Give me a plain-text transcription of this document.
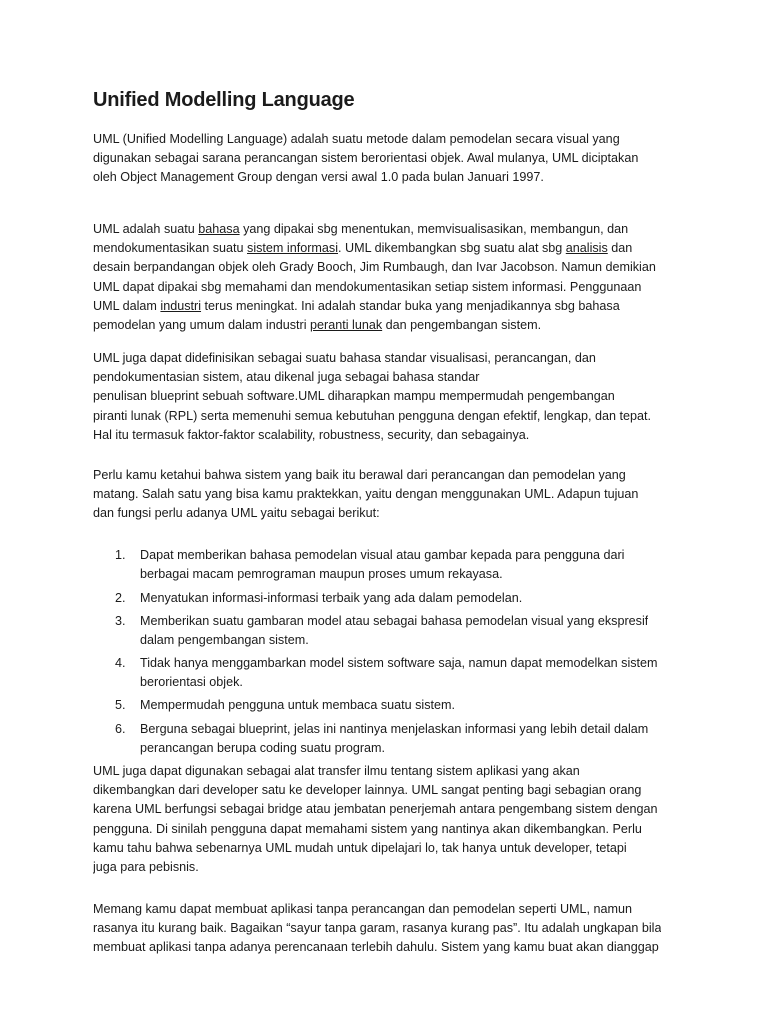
Unified Modelling Language
UML (Unified Modelling Language) adalah suatu metode dalam pemodelan secara visual yang
digunakan sebagai sarana perancangan sistem berorientasi objek. Awal mulanya, UML diciptakan
oleh Object Management Group dengan versi awal 1.0 pada bulan Januari 1997.
UML adalah suatu bahasa yang dipakai sbg menentukan, memvisualisasikan, membangun, dan
mendokumentasikan suatu sistem informasi. UML dikembangkan sbg suatu alat sbg analisis dan
desain berpandangan objek oleh Grady Booch, Jim Rumbaugh, dan Ivar Jacobson. Namun demikian
UML dapat dipakai sbg memahami dan mendokumentasikan setiap sistem informasi. Penggunaan
UML dalam industri terus meningkat. Ini adalah standar buka yang menjadikannya sbg bahasa
pemodelan yang umum dalam industri peranti lunak dan pengembangan sistem.
UML juga dapat didefinisikan sebagai suatu bahasa standar visualisasi, perancangan, dan
pendokumentasian sistem, atau dikenal juga sebagai bahasa standar
penulisan blueprint sebuah software.UML diharapkan mampu mempermudah pengembangan
piranti lunak (RPL) serta memenuhi semua kebutuhan pengguna dengan efektif, lengkap, dan tepat.
Hal itu termasuk faktor-faktor scalability, robustness, security, dan sebagainya.
Perlu kamu ketahui bahwa sistem yang baik itu berawal dari perancangan dan pemodelan yang
matang. Salah satu yang bisa kamu praktekkan, yaitu dengan menggunakan UML. Adapun tujuan
dan fungsi perlu adanya UML yaitu sebagai berikut:
1. Dapat memberikan bahasa pemodelan visual atau gambar kepada para pengguna dari
berbagai macam pemrograman maupun proses umum rekayasa.
2. Menyatukan informasi-informasi terbaik yang ada dalam pemodelan.
3. Memberikan suatu gambaran model atau sebagai bahasa pemodelan visual yang ekspresif
dalam pengembangan sistem.
4. Tidak hanya menggambarkan model sistem software saja, namun dapat memodelkan sistem
berorientasi objek.
5. Mempermudah pengguna untuk membaca suatu sistem.
6. Berguna sebagai blueprint, jelas ini nantinya menjelaskan informasi yang lebih detail dalam
perancangan berupa coding suatu program.
UML juga dapat digunakan sebagai alat transfer ilmu tentang sistem aplikasi yang akan
dikembangkan dari developer satu ke developer lainnya. UML sangat penting bagi sebagian orang
karena UML berfungsi sebagai bridge atau jembatan penerjemah antara pengembang sistem dengan
pengguna. Di sinilah pengguna dapat memahami sistem yang nantinya akan dikembangkan. Perlu
kamu tahu bahwa sebenarnya UML mudah untuk dipelajari lo, tak hanya untuk developer, tetapi
juga para pebisnis.
Memang kamu dapat membuat aplikasi tanpa perancangan dan pemodelan seperti UML, namun
rasanya itu kurang baik. Bagaikan “sayur tanpa garam, rasanya kurang pas”. Itu adalah ungkapan bila
membuat aplikasi tanpa adanya perencanaan terlebih dahulu. Sistem yang kamu buat akan dianggap
